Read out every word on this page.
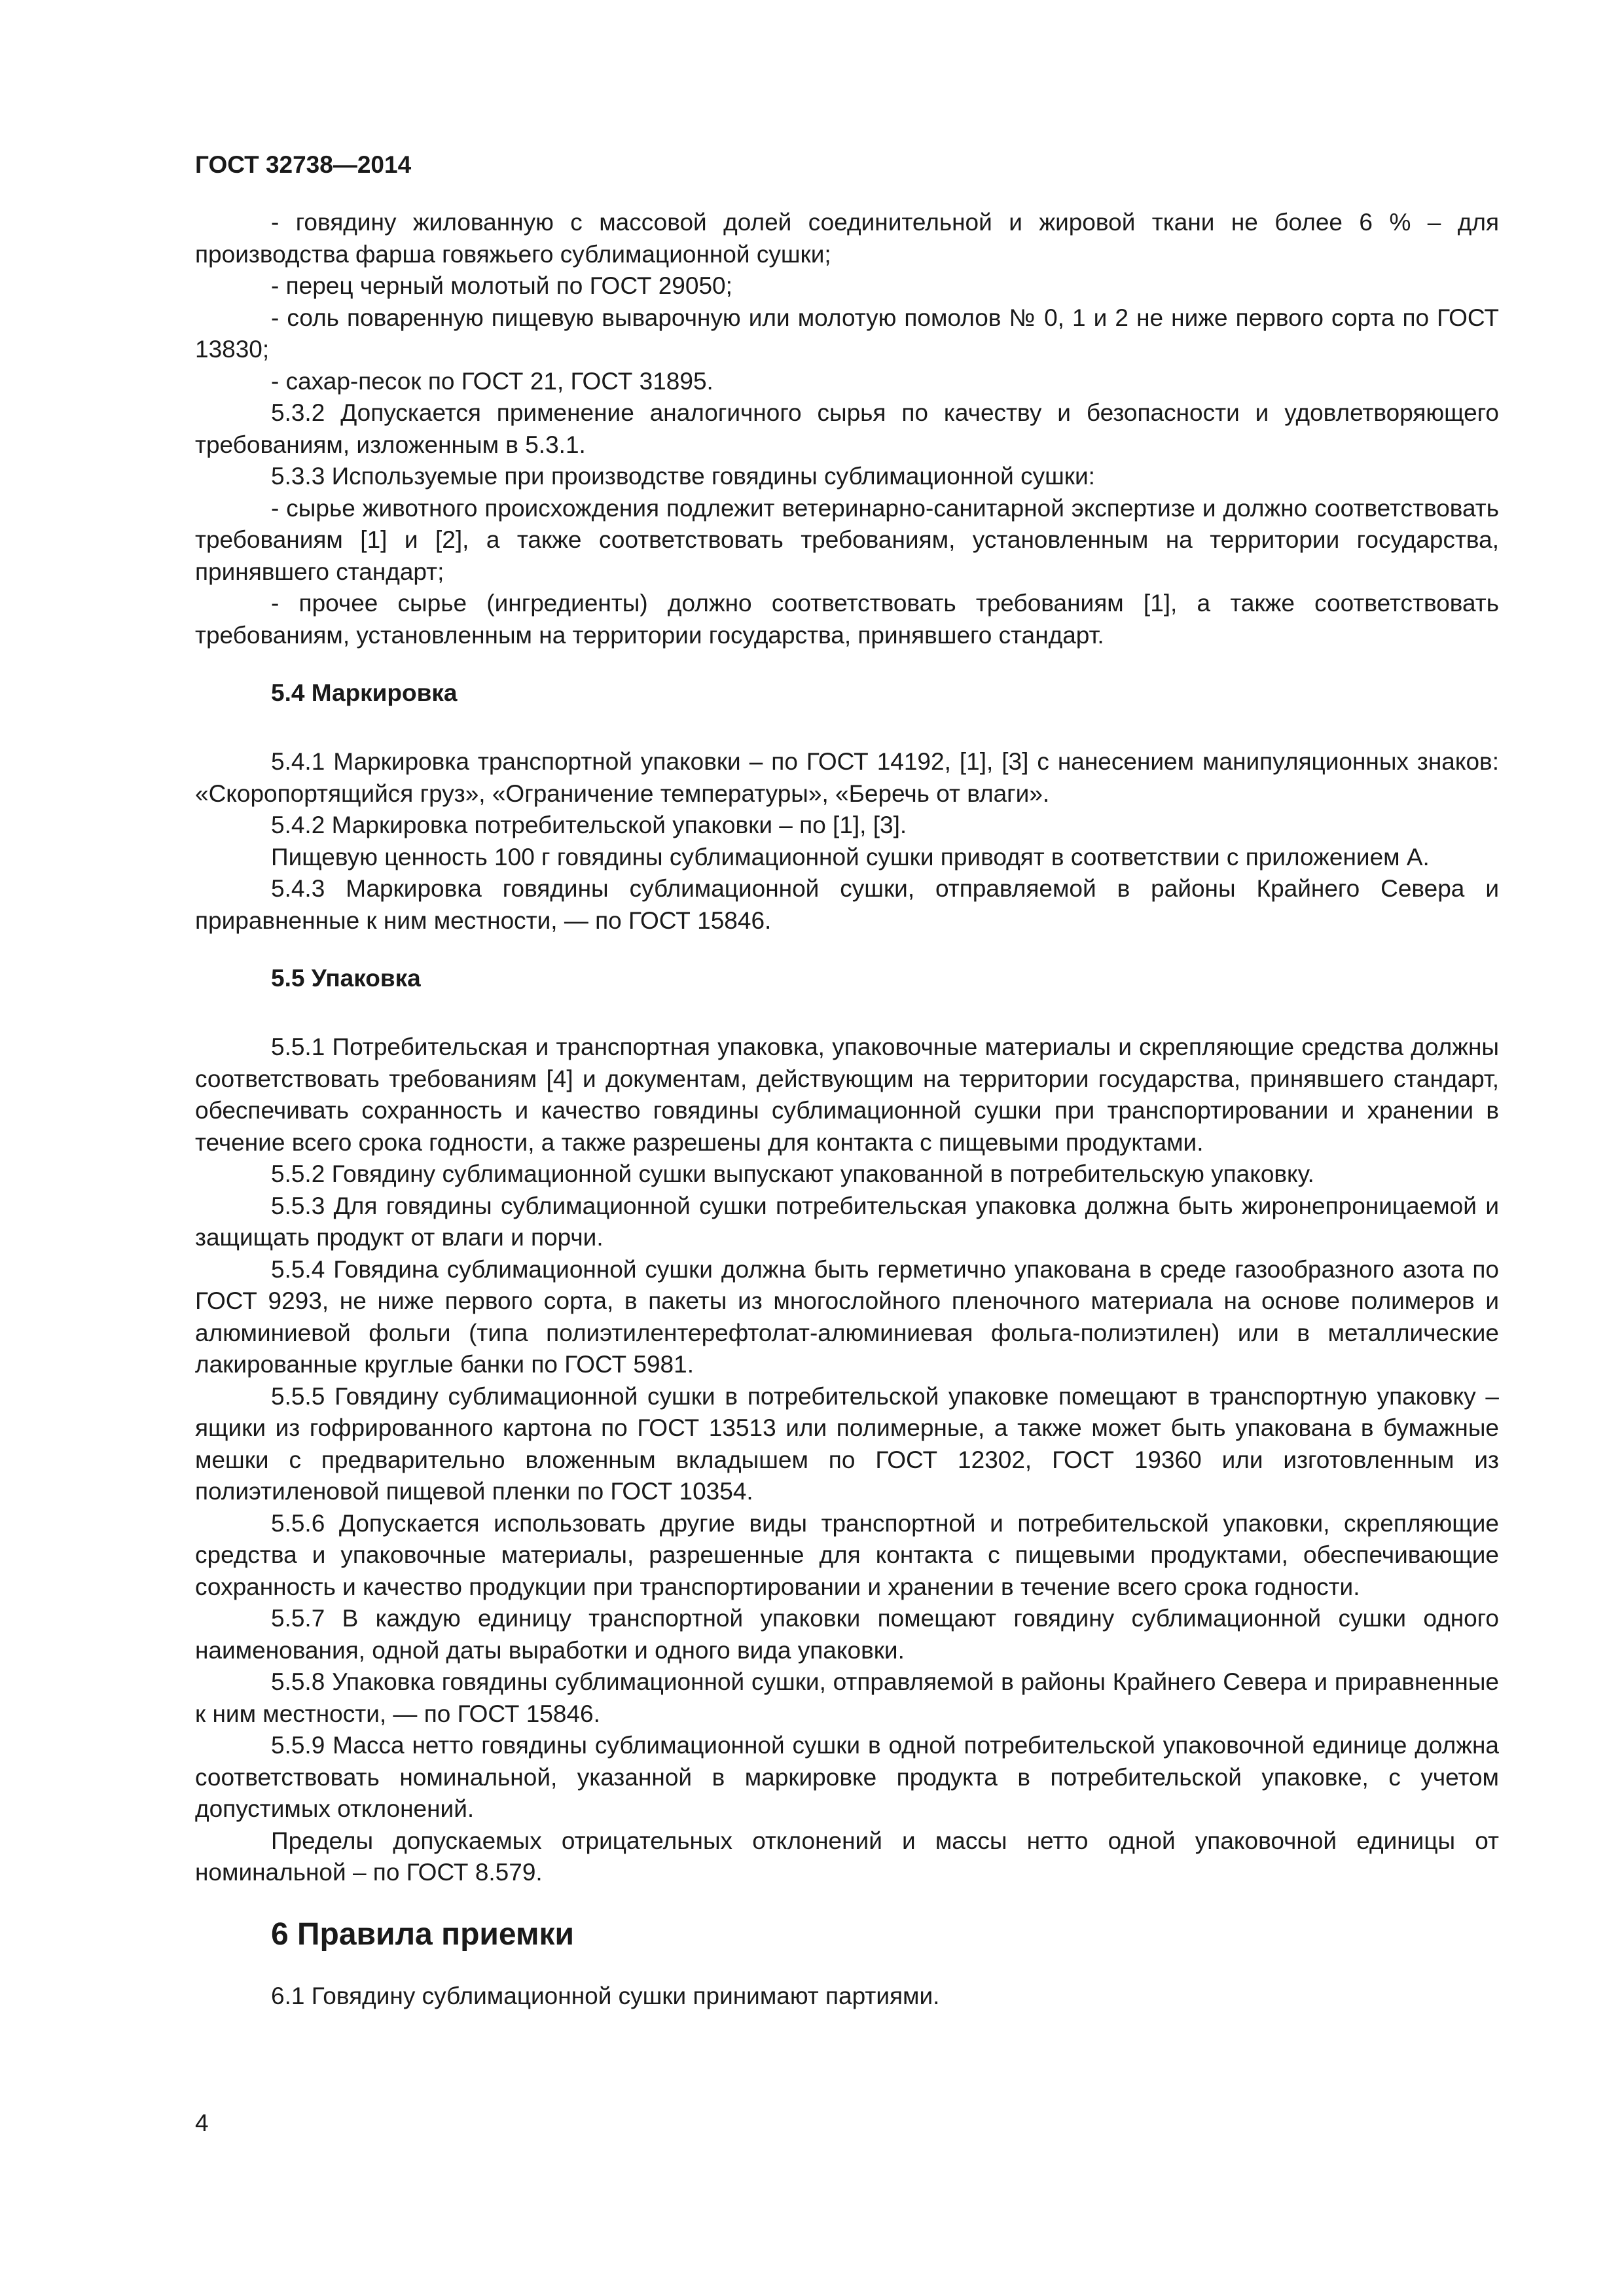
ГОСТ 32738—2014

- говядину жилованную с массовой долей соединительной и жировой ткани не более 6 % – для производства фарша говяжьего сублимационной сушки;

- перец черный молотый по ГОСТ 29050;

- соль поваренную пищевую выварочную или молотую помолов № 0, 1 и 2 не ниже первого сорта по ГОСТ 13830;

- сахар-песок по ГОСТ 21, ГОСТ 31895.

5.3.2 Допускается применение аналогичного сырья по качеству и безопасности и удовлетворяющего требованиям, изложенным в 5.3.1.

5.3.3 Используемые при производстве говядины сублимационной сушки:

- сырье животного происхождения подлежит ветеринарно-санитарной экспертизе и должно соответствовать требованиям [1] и [2], а также соответствовать требованиям, установленным на территории государства, принявшего стандарт;

- прочее сырье (ингредиенты) должно соответствовать требованиям [1], а также соответствовать требованиям, установленным на территории государства, принявшего стандарт.

5.4 Маркировка

5.4.1 Маркировка транспортной упаковки – по ГОСТ 14192, [1], [3] с нанесением манипуляционных знаков: «Скоропортящийся груз», «Ограничение температуры», «Беречь от влаги».

5.4.2 Маркировка потребительской упаковки – по [1], [3].

Пищевую ценность 100 г говядины сублимационной сушки приводят в соответствии с приложением А.

5.4.3 Маркировка говядины сублимационной сушки, отправляемой в районы Крайнего Севера и приравненные к ним местности, — по ГОСТ 15846.

5.5 Упаковка

5.5.1 Потребительская и транспортная упаковка, упаковочные материалы и скрепляющие средства должны соответствовать требованиям [4] и документам, действующим на территории государства, принявшего стандарт, обеспечивать сохранность и качество говядины сублимационной сушки при транспортировании и хранении в течение всего срока годности, а также разрешены для контакта с пищевыми продуктами.

5.5.2 Говядину сублимационной сушки выпускают упакованной в потребительскую упаковку.

5.5.3 Для говядины сублимационной сушки потребительская упаковка должна быть жиронепроницаемой и защищать продукт от влаги и порчи.

5.5.4 Говядина сублимационной сушки должна быть герметично упакована в среде газообразного азота по ГОСТ 9293, не ниже первого сорта, в пакеты из многослойного пленочного материала на основе полимеров и алюминиевой фольги (типа полиэтилентерефтолат-алюминиевая фольга-полиэтилен) или в металлические лакированные круглые банки по ГОСТ 5981.

5.5.5 Говядину сублимационной сушки в потребительской упаковке помещают в транспортную упаковку – ящики из гофрированного картона по ГОСТ 13513 или полимерные, а также может быть упакована в бумажные мешки с предварительно вложенным вкладышем по ГОСТ 12302, ГОСТ 19360 или изготовленным из полиэтиленовой пищевой пленки по ГОСТ 10354.

5.5.6 Допускается использовать другие виды транспортной и потребительской упаковки, скрепляющие средства и упаковочные материалы, разрешенные для контакта с пищевыми продуктами, обеспечивающие сохранность и качество продукции при транспортировании и хранении в течение всего срока годности.

5.5.7 В каждую единицу транспортной упаковки помещают говядину сублимационной сушки одного наименования, одной даты выработки и одного вида упаковки.

5.5.8 Упаковка говядины сублимационной сушки, отправляемой в районы Крайнего Севера и приравненные к ним местности, — по ГОСТ 15846.

5.5.9 Масса нетто говядины сублимационной сушки в одной потребительской упаковочной единице должна соответствовать номинальной, указанной в маркировке продукта в потребительской упаковке, с учетом допустимых отклонений.

Пределы допускаемых отрицательных отклонений и массы нетто одной упаковочной единицы от номинальной – по ГОСТ 8.579.

6 Правила приемки

6.1 Говядину сублимационной сушки принимают партиями.

4
